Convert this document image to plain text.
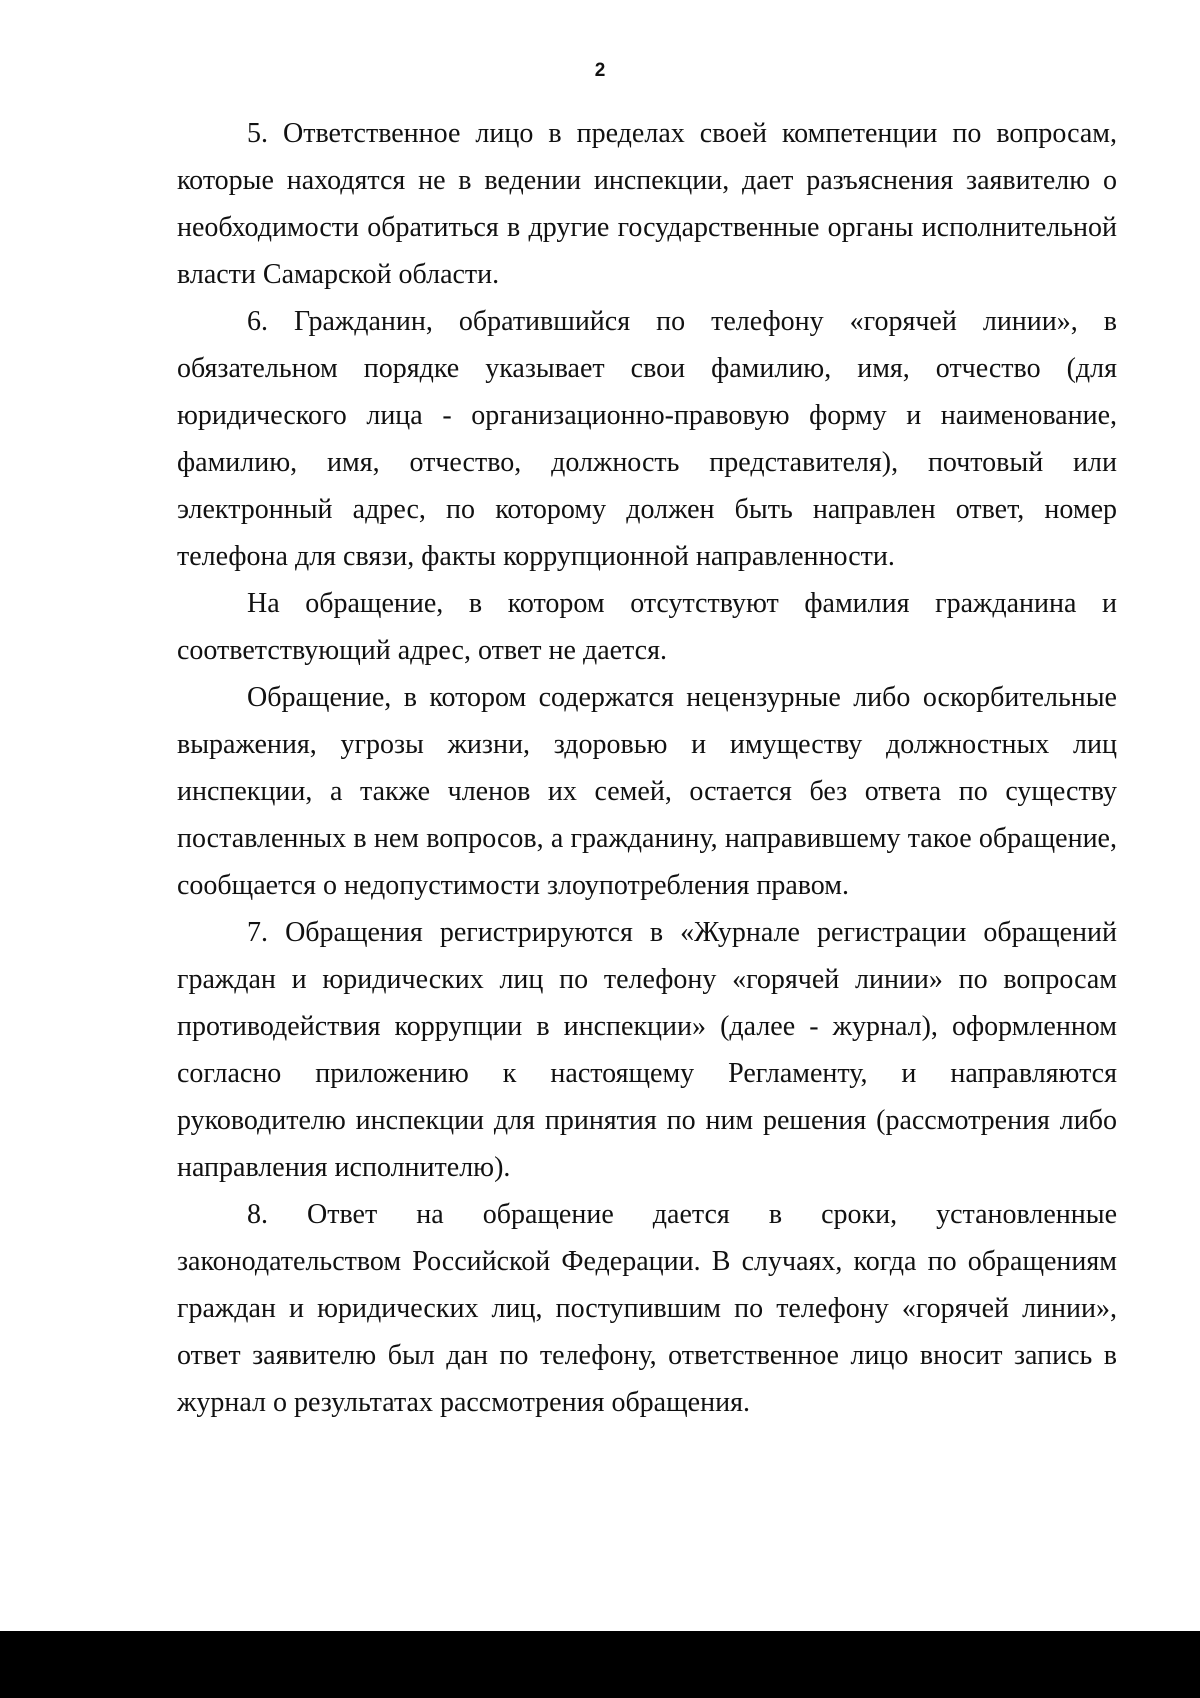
2

5. Ответственное лицо в пределах своей компетенции по вопросам, которые находятся не в ведении инспекции, дает разъяснения заявителю о необходимости обратиться в другие государственные органы исполнительной власти Самарской области.

6. Гражданин, обратившийся по телефону «горячей линии», в обязательном порядке указывает свои фамилию, имя, отчество (для юридического лица - организационно-правовую форму и наименование, фамилию, имя, отчество, должность представителя), почтовый или электронный адрес, по которому должен быть направлен ответ, номер телефона для связи, факты коррупционной направленности.

На обращение, в котором отсутствуют фамилия гражданина и соответствующий адрес, ответ не дается.

Обращение, в котором содержатся нецензурные либо оскорбительные выражения, угрозы жизни, здоровью и имуществу должностных лиц инспекции, а также членов их семей, остается без ответа по существу поставленных в нем вопросов, а гражданину, направившему такое обращение, сообщается о недопустимости злоупотребления правом.

7. Обращения регистрируются в «Журнале регистрации обращений граждан и юридических лиц по телефону «горячей линии» по вопросам противодействия коррупции в инспекции» (далее - журнал), оформленном согласно приложению к настоящему Регламенту, и направляются руководителю инспекции для принятия по ним решения (рассмотрения либо направления исполнителю).

8. Ответ на обращение дается в сроки, установленные законодательством Российской Федерации. В случаях, когда по обращениям граждан и юридических лиц, поступившим по телефону «горячей линии», ответ заявителю был дан по телефону, ответственное лицо вносит запись в журнал о результатах рассмотрения обращения.
